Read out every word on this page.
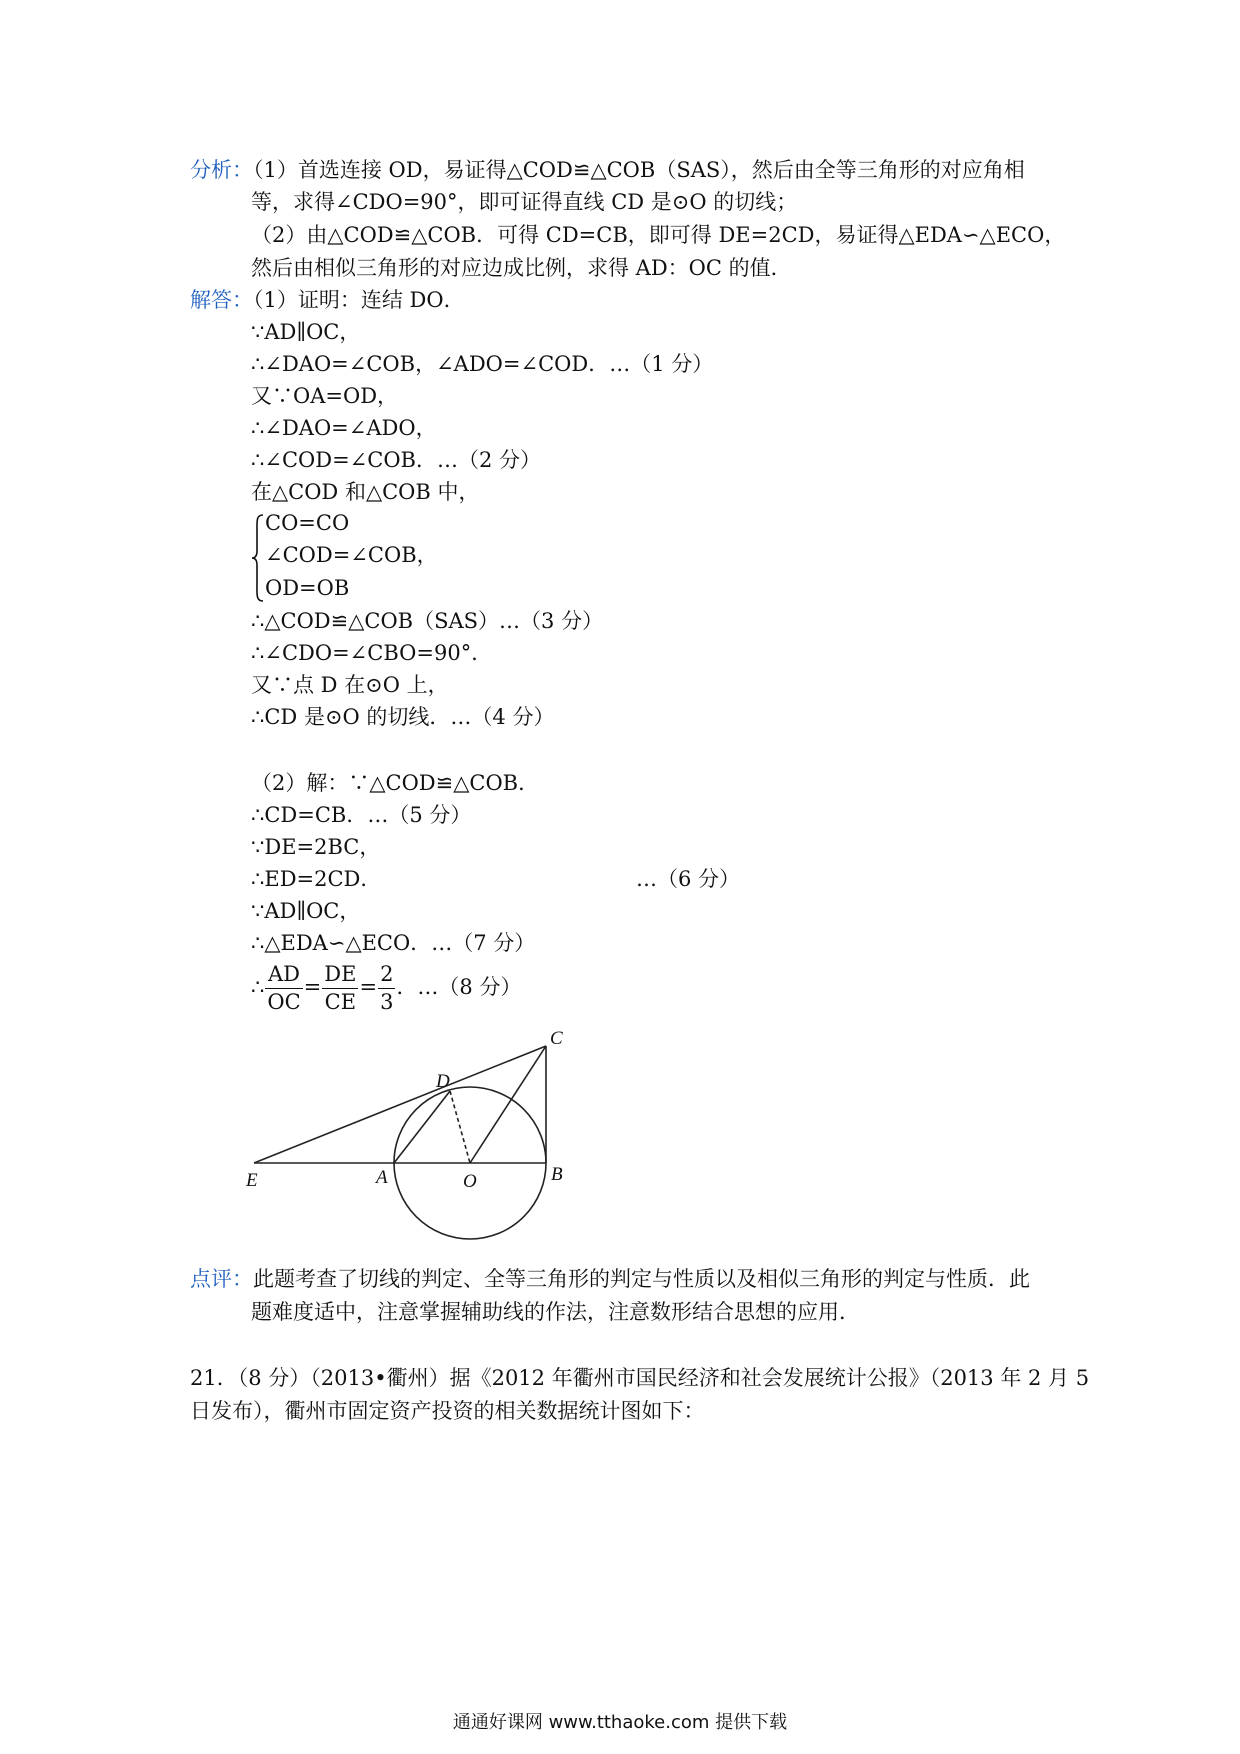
分析：（1）首选连接 OD，易证得△COD≌△COB（SAS），然后由全等三角形的对应角相
等，求得∠CDO=90°，即可证得直线 CD 是⊙O 的切线；
（2）由△COD≌△COB．可得 CD=CB，即可得 DE=2CD，易证得△EDA∽△ECO，
然后由相似三角形的对应边成比例，求得 AD：OC 的值．
解答：（1）证明：连结 DO．
∵AD∥OC，
∴∠DAO=∠COB，∠ADO=∠COD．…（1 分）
又∵OA=OD，
∴∠DAO=∠ADO，
∴∠COD=∠COB．…（2 分）
在△COD 和△COB 中，
CO=CO
∠COD=∠COB，
OD=OB
∴△COD≌△COB（SAS）…（3 分）
∴∠CDO=∠CBO=90°．
又∵点 D 在⊙O 上，
∴CD 是⊙O 的切线．…（4 分）
（2）解：∵△COD≌△COB．
∴CD=CB．…（5 分）
∵DE=2BC，
∴ED=2CD．	…（6 分）
∵AD∥OC，
∴△EDA∽△ECO．…（7 分）
∴ $\frac{AD}{OC} = \frac{DE}{CE} = \frac{2}{3}$ ．…（8 分）
C
D
E	A	O	B
点评：此题考查了切线的判定、全等三角形的判定与性质以及相似三角形的判定与性质．此
题难度适中，注意掌握辅助线的作法，注意数形结合思想的应用．
21．（8 分）（2013•衢州）据《2012 年衢州市国民经济和社会发展统计公报》（2013 年 2 月 5
日发布），衢州市固定资产投资的相关数据统计图如下：
通通好课网 www.tthaoke.com 提供下载
